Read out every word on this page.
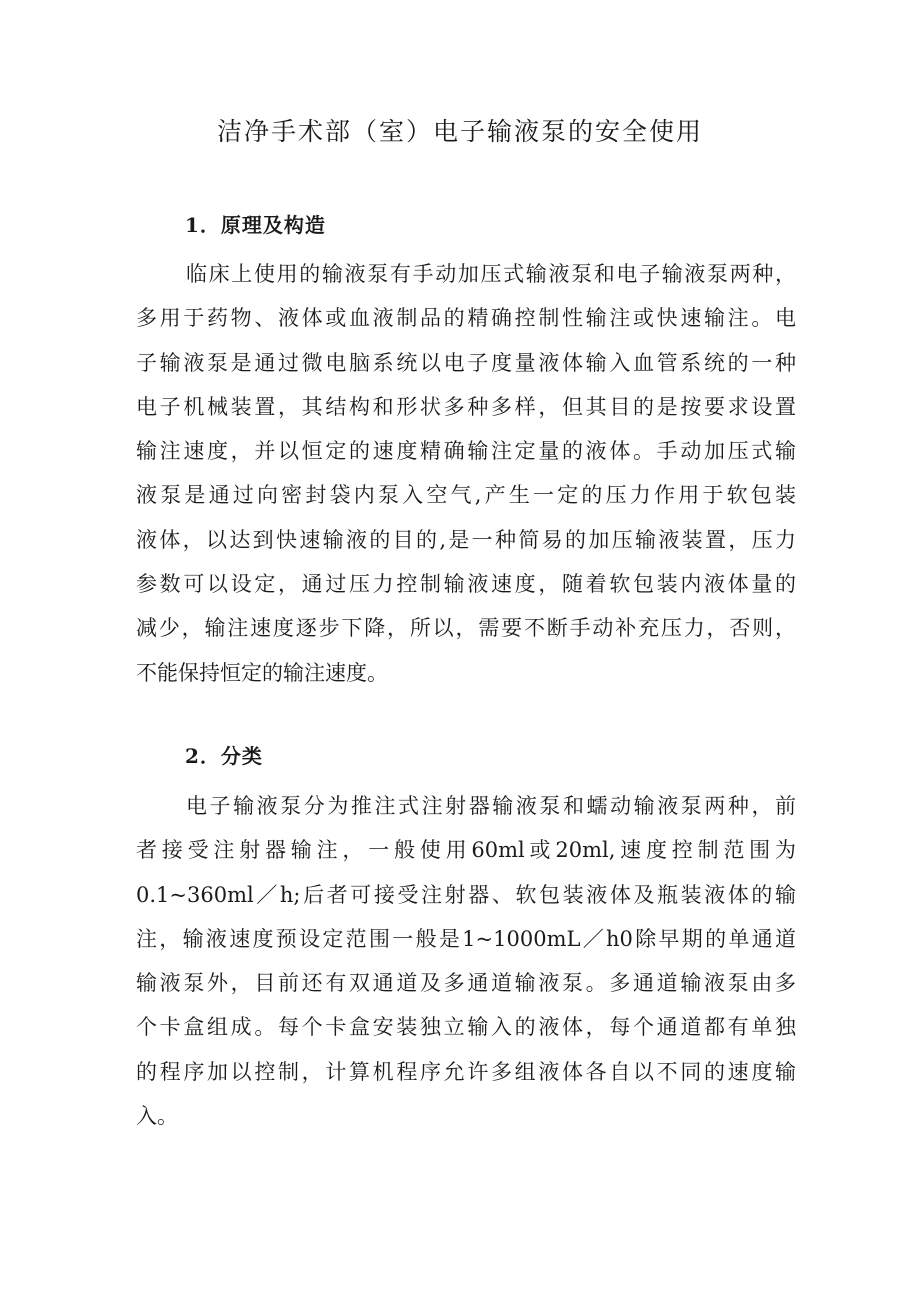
洁净手术部（室）电子输液泵的安全使用
1．原理及构造
临床上使用的输液泵有手动加压式输液泵和电子输液泵两种，
多用于药物、液体或血液制品的精确控制性输注或快速输注。电
子输液泵是通过微电脑系统以电子度量液体输入血管系统的一种
电子机械装置，其结构和形状多种多样，但其目的是按要求设置
输注速度，并以恒定的速度精确输注定量的液体。手动加压式输
液泵是通过向密封袋内泵入空气,产生一定的压力作用于软包装
液体，以达到快速输液的目的,是一种简易的加压输液装置，压力
参数可以设定，通过压力控制输液速度，随着软包装内液体量的
减少，输注速度逐步下降，所以，需要不断手动补充压力，否则，
不能保持恒定的输注速度。
2．分类
电子输液泵分为推注式注射器输液泵和蠕动输液泵两种，前
者接受注射器输注，一般使用60ml或20ml,速度控制范围为
0.1~360ml／h;后者可接受注射器、软包装液体及瓶装液体的输
注，输液速度预设定范围一般是1~1000mL／h0除早期的单通道
输液泵外，目前还有双通道及多通道输液泵。多通道输液泵由多
个卡盒组成。每个卡盒安装独立输入的液体，每个通道都有单独
的程序加以控制，计算机程序允许多组液体各自以不同的速度输
入。
